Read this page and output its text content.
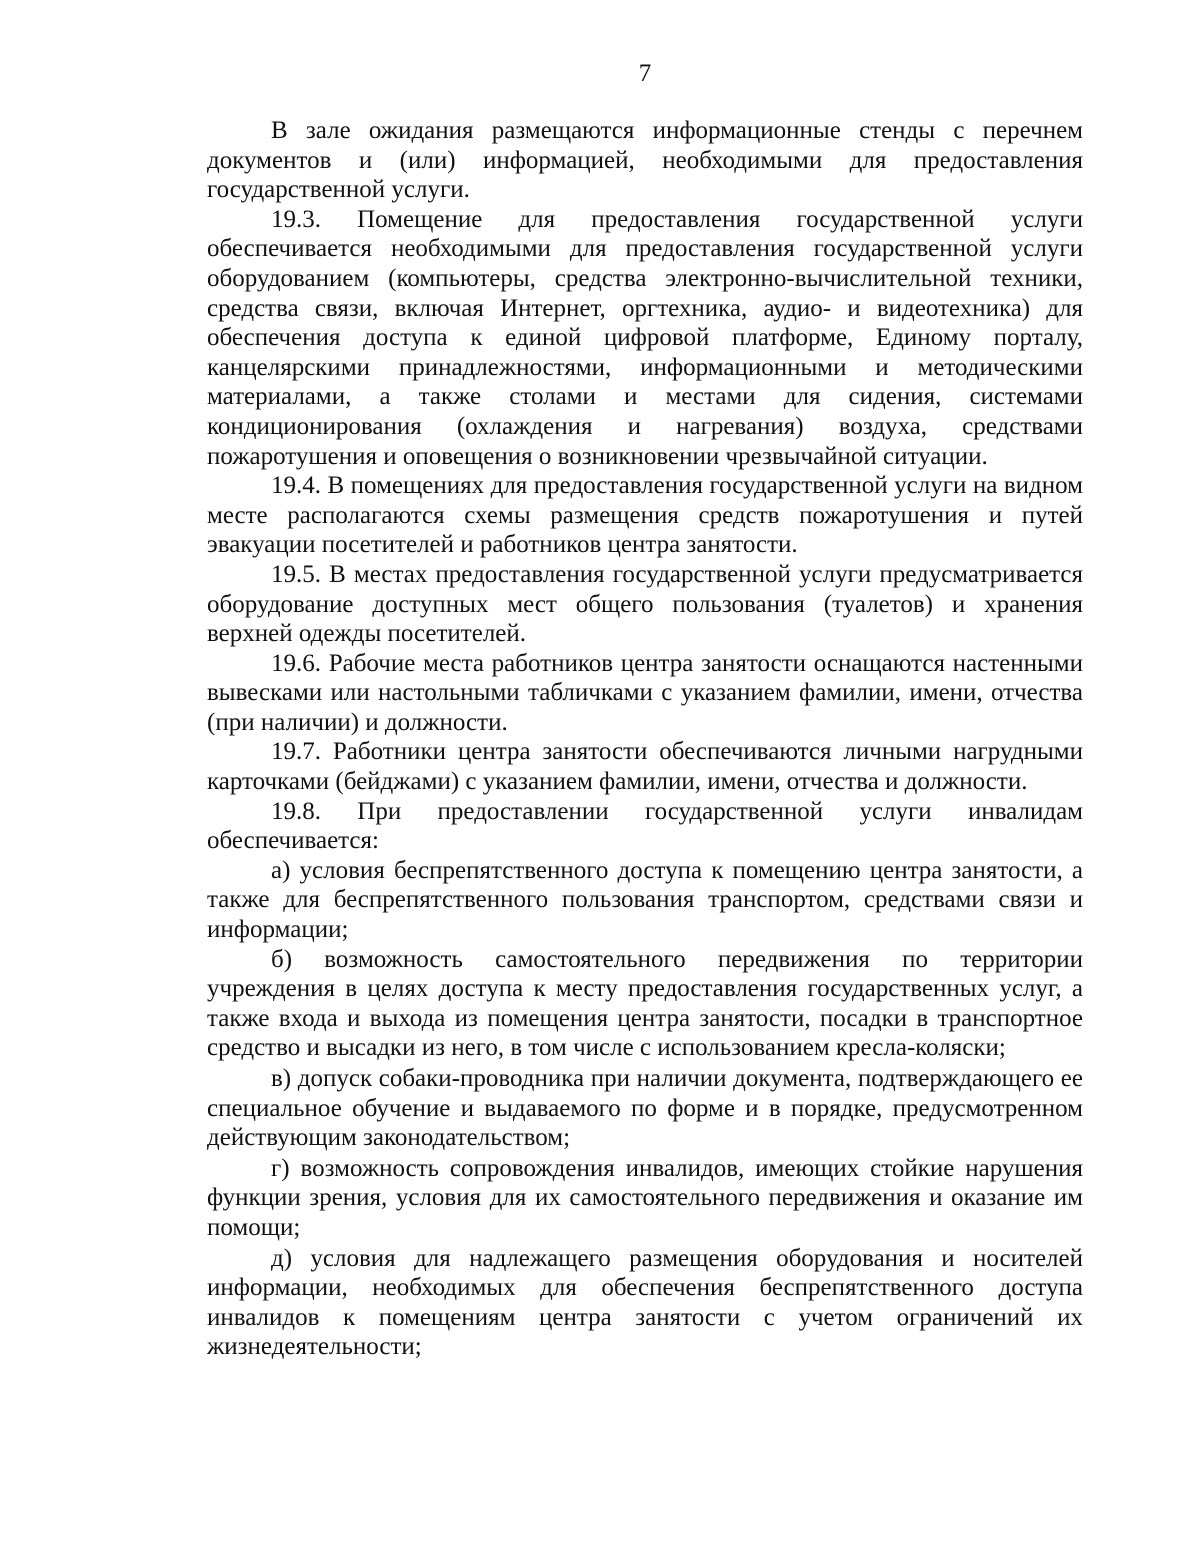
7

В зале ожидания размещаются информационные стенды с перечнем документов и (или) информацией, необходимыми для предоставления государственной услуги.

19.3. Помещение для предоставления государственной услуги обеспечивается необходимыми для предоставления государственной услуги оборудованием (компьютеры, средства электронно-вычислительной техники, средства связи, включая Интернет, оргтехника, аудио- и видеотехника) для обеспечения доступа к единой цифровой платформе, Единому порталу, канцелярскими принадлежностями, информационными и методическими материалами, а также столами и местами для сидения, системами кондиционирования (охлаждения и нагревания) воздуха, средствами пожаротушения и оповещения о возникновении чрезвычайной ситуации.

19.4. В помещениях для предоставления государственной услуги на видном месте располагаются схемы размещения средств пожаротушения и путей эвакуации посетителей и работников центра занятости.

19.5. В местах предоставления государственной услуги предусматривается оборудование доступных мест общего пользования (туалетов) и хранения верхней одежды посетителей.

19.6. Рабочие места работников центра занятости оснащаются настенными вывесками или настольными табличками с указанием фамилии, имени, отчества (при наличии) и должности.

19.7. Работники центра занятости обеспечиваются личными нагрудными карточками (бейджами) с указанием фамилии, имени, отчества и должности.

19.8. При предоставлении государственной услуги инвалидам обеспечивается:

а) условия беспрепятственного доступа к помещению центра занятости, а также для беспрепятственного пользования транспортом, средствами связи и информации;

б) возможность самостоятельного передвижения по территории учреждения в целях доступа к месту предоставления государственных услуг, а также входа и выхода из помещения центра занятости, посадки в транспортное средство и высадки из него, в том числе с использованием кресла-коляски;

в) допуск собаки-проводника при наличии документа, подтверждающего ее специальное обучение и выдаваемого по форме и в порядке, предусмотренном действующим законодательством;

г) возможность сопровождения инвалидов, имеющих стойкие нарушения функции зрения, условия для их самостоятельного передвижения и оказание им помощи;

д) условия для надлежащего размещения оборудования и носителей информации, необходимых для обеспечения беспрепятственного доступа инвалидов к помещениям центра занятости с учетом ограничений их жизнедеятельности;
